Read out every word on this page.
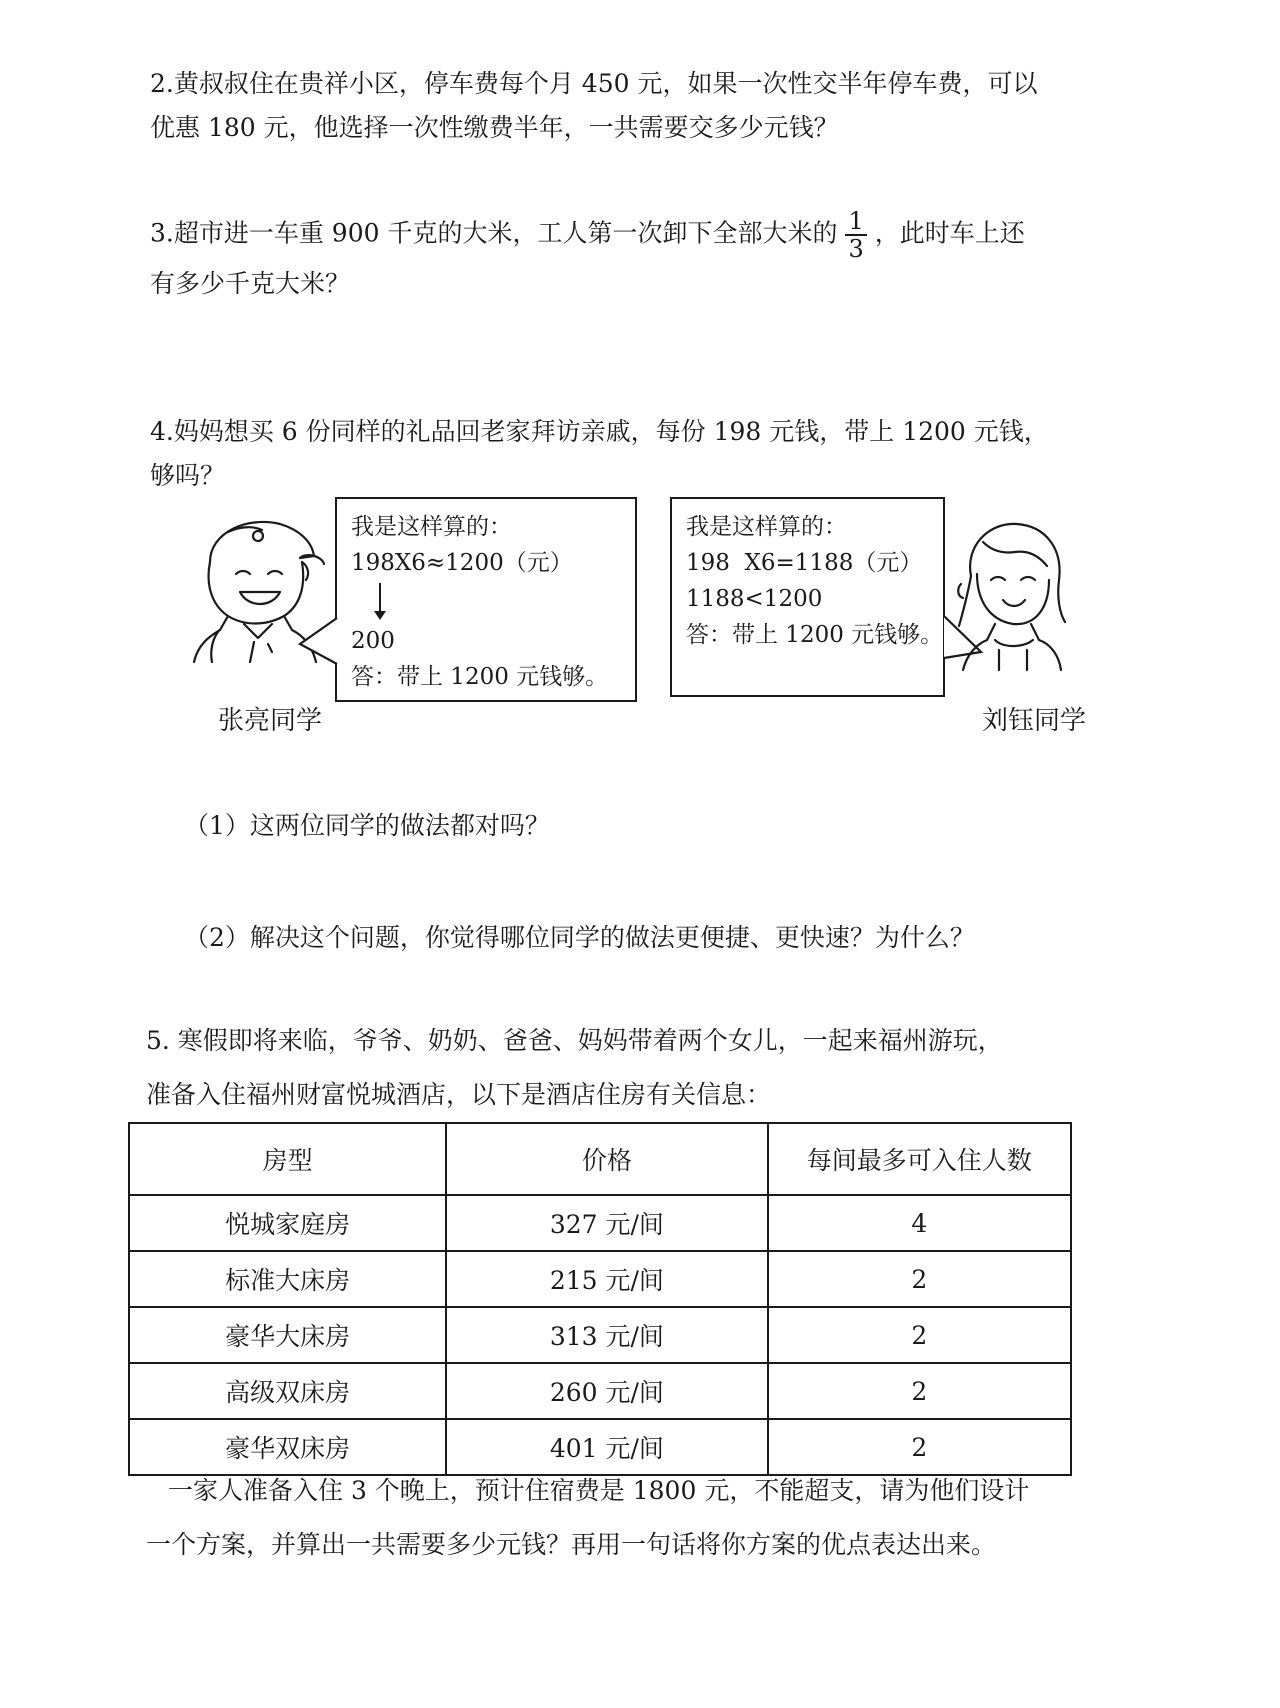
2.黄叔叔住在贵祥小区，停车费每个月 450 元，如果一次性交半年停车费，可以

优惠 180 元，他选择一次性缴费半年，一共需要交多少元钱？

3.超市进一车重 900 千克的大米，工人第一次卸下全部大米的 $\frac{1}{3}$ ，此时车上还

有多少千克大米？

4.妈妈想买 6 份同样的礼品回老家拜访亲戚，每份 198 元钱，带上 1200 元钱，

够吗？

我是这样算的：
198X6≈1200（元）
200
答：带上 1200 元钱够。
我是这样算的：
198  X6=1188（元）
1188<1200
答：带上 1200 元钱够。
张亮同学	刘钰同学
（1）这两位同学的做法都对吗？
（2）解决这个问题，你觉得哪位同学的做法更便捷、更快速？为什么？

5. 寒假即将来临，爷爷、奶奶、爸爸、妈妈带着两个女儿，一起来福州游玩，

准备入住福州财富悦城酒店，以下是酒店住房有关信息：

房型	价格	每间最多可入住人数
悦城家庭房	327 元/间	4
标准大床房	215 元/间	2
豪华大床房	313 元/间	2
高级双床房	260 元/间	2
豪华双床房	401 元/间	2

一家人准备入住 3 个晚上，预计住宿费是 1800 元，不能超支，请为他们设计

一个方案，并算出一共需要多少元钱？再用一句话将你方案的优点表达出来。
